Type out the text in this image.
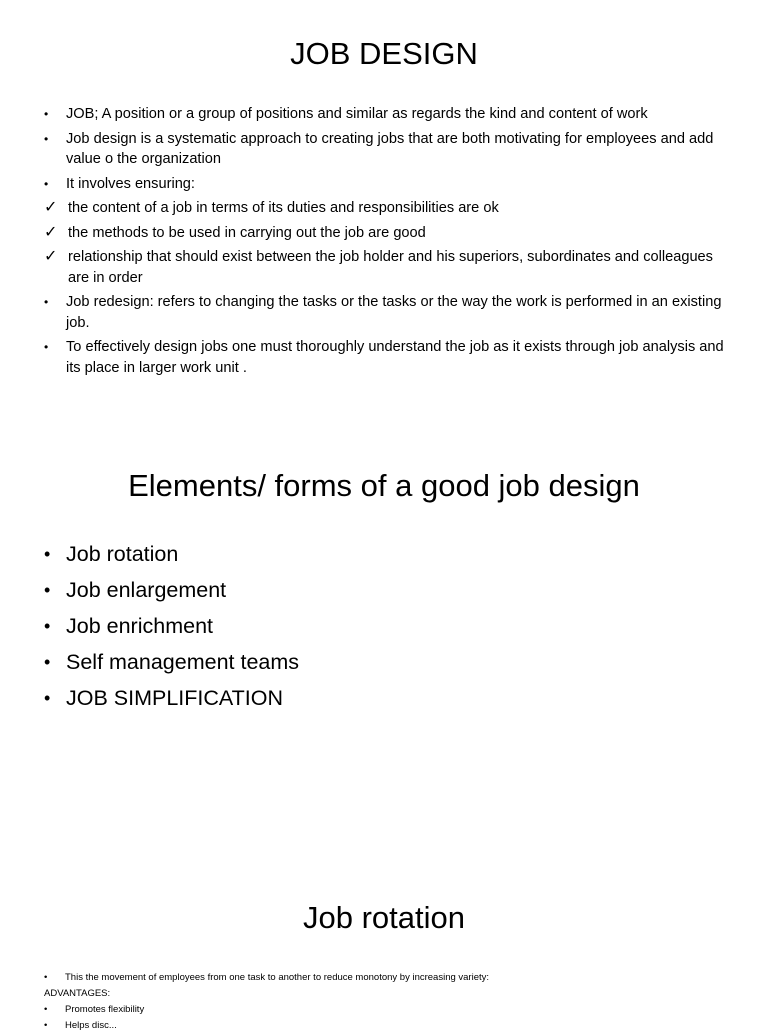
JOB DESIGN
•	JOB; A position or a group of positions and similar as regards the kind and content of work
•	Job design is a systematic approach to creating jobs that are both motivating for employees and add value o the organization
•	It involves ensuring:
✓ the content of a job in terms of its duties and responsibilities are ok
✓ the methods to be used in carrying out the job are good
✓ relationship that should exist between the job holder and his superiors, subordinates and colleagues are in order
•	Job redesign: refers to changing the tasks or the tasks or the way the work is performed in an existing job.
•	To effectively design jobs one must thoroughly understand the job as it exists through job analysis and its place in larger work unit .
Elements/ forms of a good job design
• Job rotation
• Job enlargement
• Job enrichment
• Self management teams
• JOB SIMPLIFICATION
Job rotation
• This the movement of employees from one task to another to reduce monotony by increasing variety:
ADVANTAGES:
• Promotes flexibility
• Helps disc...
